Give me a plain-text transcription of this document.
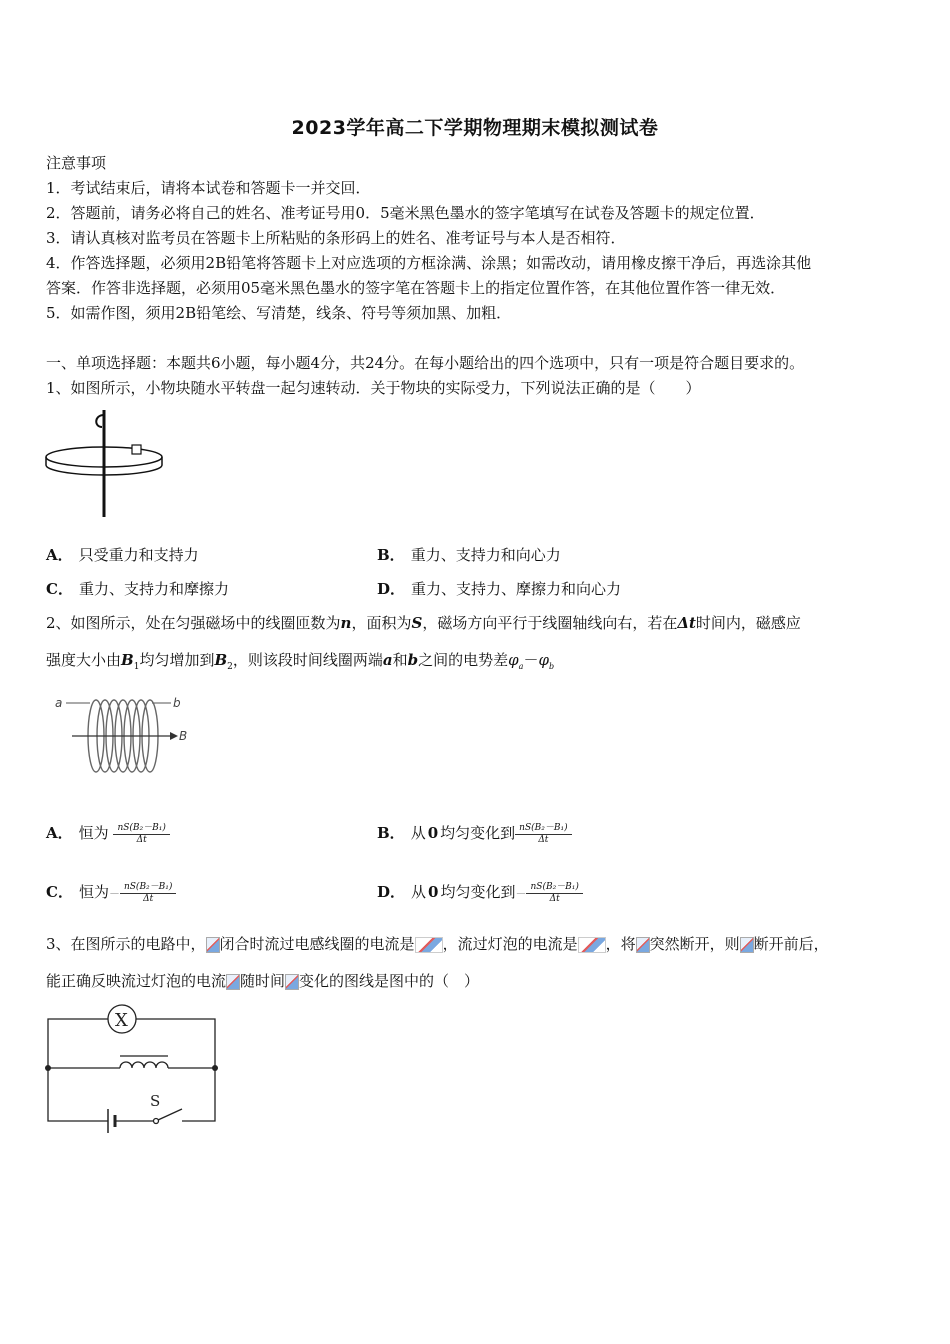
2023学年高二下学期物理期末模拟测试卷
注意事项
1．考试结束后，请将本试卷和答题卡一并交回．
2．答题前，请务必将自己的姓名、准考证号用0．5毫米黑色墨水的签字笔填写在试卷及答题卡的规定位置．
3．请认真核对监考员在答题卡上所粘贴的条形码上的姓名、准考证号与本人是否相符．
4．作答选择题，必须用2B铅笔将答题卡上对应选项的方框涂满、涂黑；如需改动，请用橡皮擦干净后，再选涂其他
答案．作答非选择题，必须用05毫米黑色墨水的签字笔在答题卡上的指定位置作答，在其他位置作答一律无效．
5．如需作图，须用2B铅笔绘、写清楚，线条、符号等须加黑、加粗．
一、单项选择题：本题共6小题，每小题4分，共24分。在每小题给出的四个选项中，只有一项是符合题目要求的。
1、如图所示，小物块随水平转盘一起匀速转动．关于物块的实际受力，下列说法正确的是（　　）
A． 只受重力和支持力	B． 重力、支持力和向心力
C． 重力、支持力和摩擦力	D． 重力、支持力、摩擦力和向心力
2、如图所示，处在匀强磁场中的线圈匝数为n，面积为S，磁场方向平行于线圈轴线向右，若在Δt时间内，磁感应
强度大小由$B_1$均匀增加到$B_2$，则该段时间线圈两端a和b之间的电势差$\varphi_a-\varphi_b$
a	b
B
A． 恒为 $\frac{\text{nS(B₂－B₁)}}{\Delta t}$	B． 从 0 均匀变化到 $\frac{\text{nS(B₂－B₁)}}{\Delta t}$
C． 恒为－ $\frac{\text{nS(B₂－B₁)}}{\Delta t}$	D． 从 0 均匀变化到－ $\frac{\text{nS(B₂－B₁)}}{\Delta t}$
3、在图所示的电路中， 闭合时流过电感线圈的电流是 ，流过灯泡的电流是 ，将 突然断开，则 断开前后，
能正确反映流过灯泡的电流 随时间 变化的图线是图中的（　）
X
S
